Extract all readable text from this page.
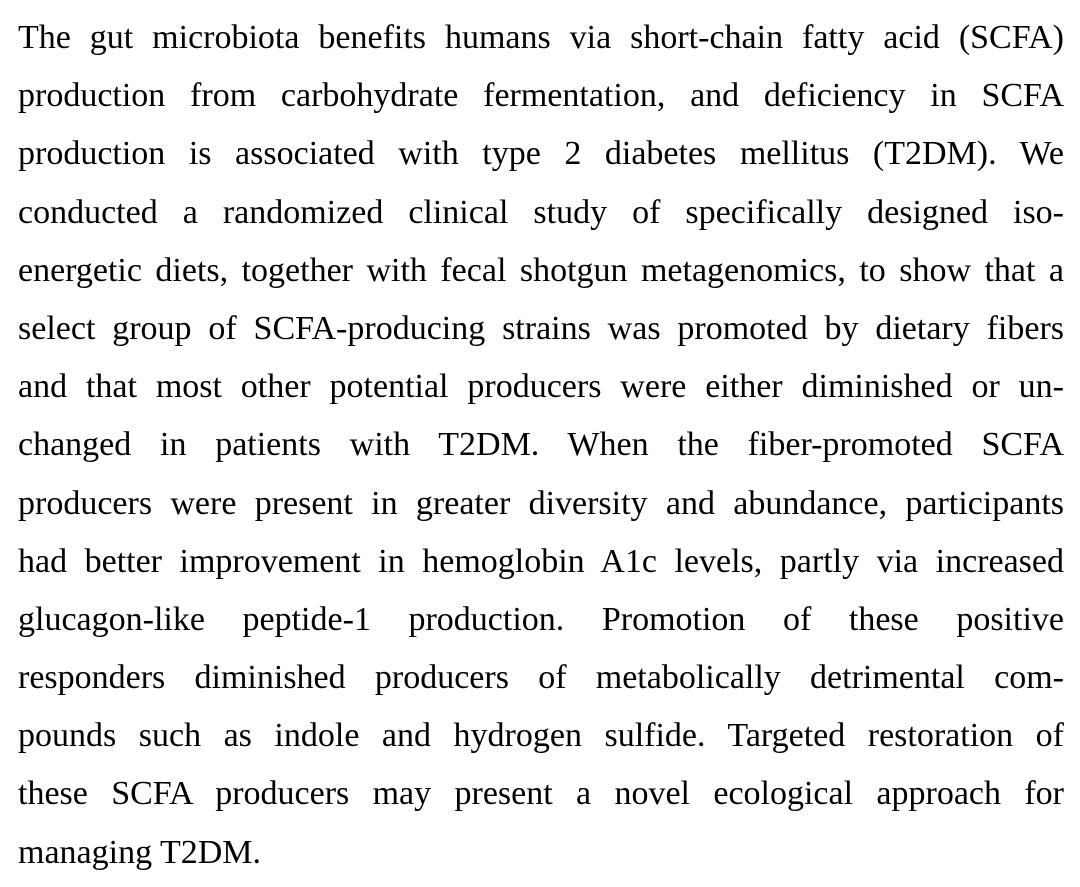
The gut microbiota benefits humans via short-chain fatty acid (SCFA)
production from carbohydrate fermentation, and deficiency in SCFA
production is associated with type 2 diabetes mellitus (T2DM). We
conducted a randomized clinical study of specifically designed iso-
energetic diets, together with fecal shotgun metagenomics, to show that a
select group of SCFA-producing strains was promoted by dietary fibers
and that most other potential producers were either diminished or un-
changed in patients with T2DM. When the fiber-promoted SCFA
producers were present in greater diversity and abundance, participants
had better improvement in hemoglobin A1c levels, partly via increased
glucagon-like peptide-1 production. Promotion of these positive
responders diminished producers of metabolically detrimental com-
pounds such as indole and hydrogen sulfide. Targeted restoration of
these SCFA producers may present a novel ecological approach for
managing T2DM.
